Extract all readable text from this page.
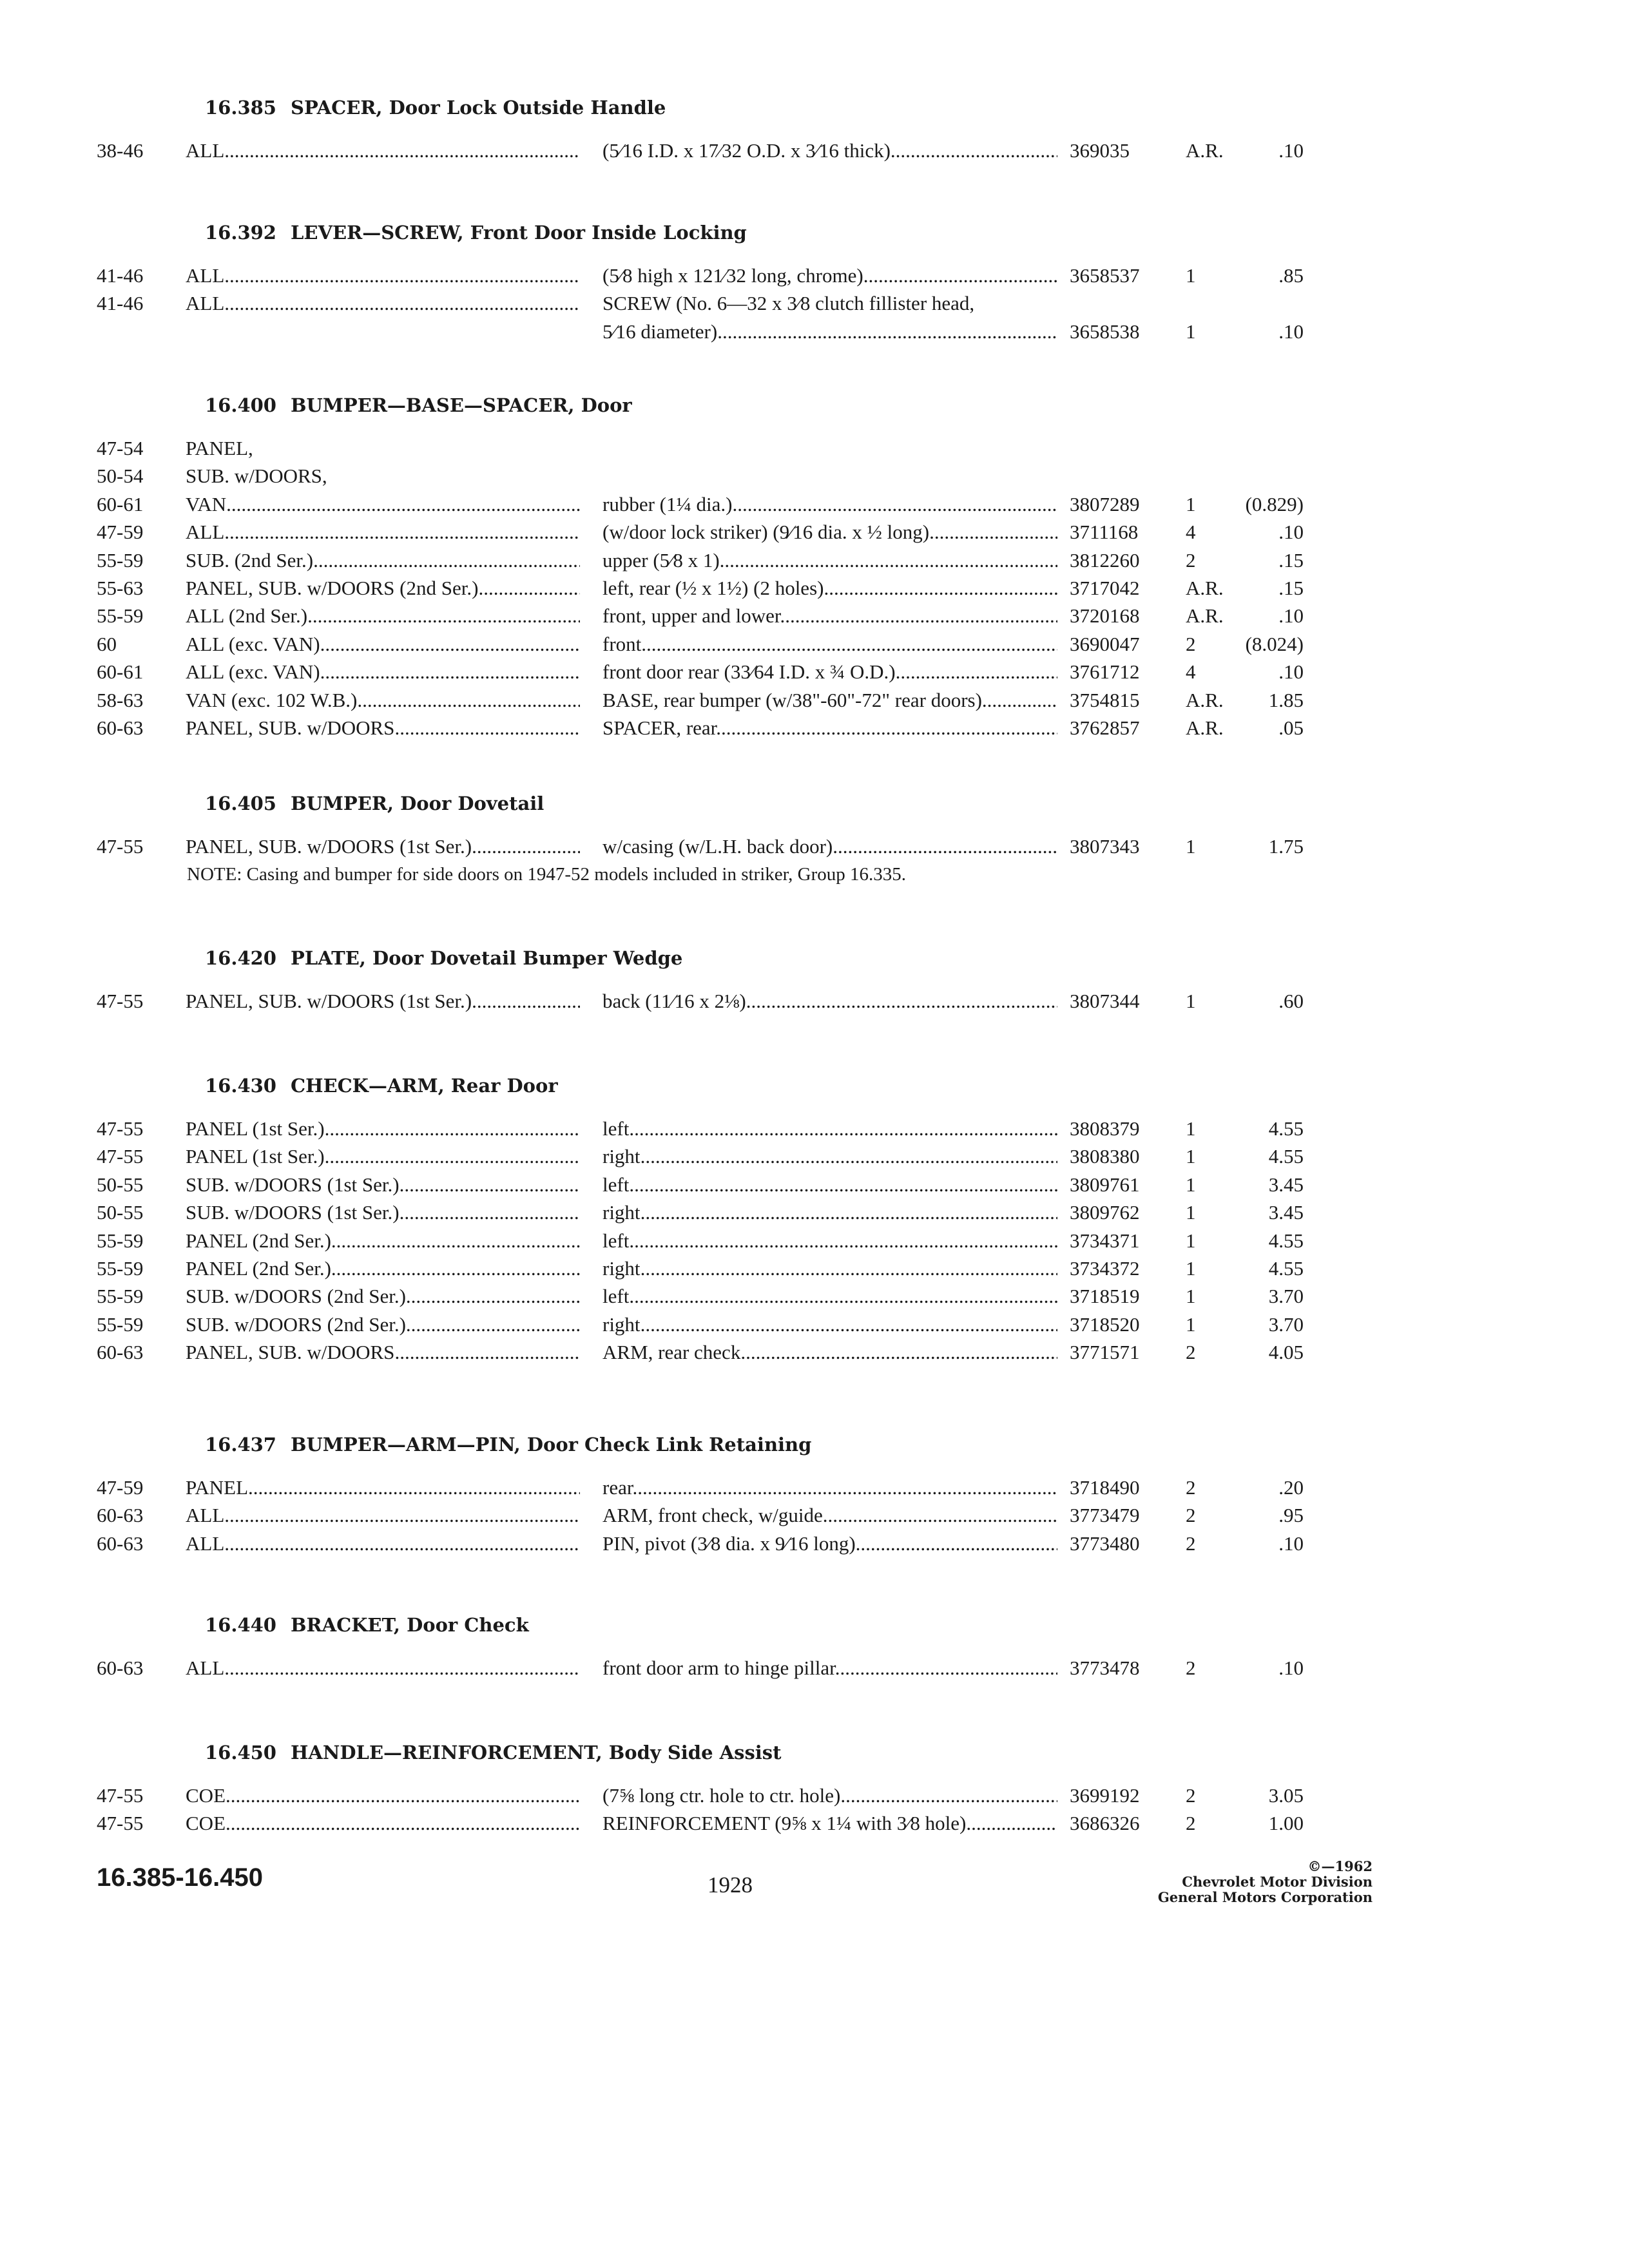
16.385 SPACER, Door Lock Outside Handle
38-46	ALL .....	(5⁄16 I.D. x 17⁄32 O.D. x 3⁄16 thick) .....	369035	A.R.	.10
16.392 LEVER—SCREW, Front Door Inside Locking
41-46	ALL .....	(5⁄8 high x 121⁄32 long, chrome) .....	3658537	1	.85
41-46	ALL .....	SCREW (No. 6—32 x 3⁄8 clutch fillister head,
5⁄16 diameter) .....	3658538	1	.10
16.400 BUMPER—BASE—SPACER, Door
47-54	PANEL,
50-54	SUB. w/DOORS,
60-61	VAN .....	rubber (1¼ dia.) .....	3807289	1	(0.829)
47-59	ALL .....	(w/door lock striker) (9⁄16 dia. x ½ long) .....	3711168	4	.10
55-59	SUB. (2nd Ser.) .....	upper (5⁄8 x 1) .....	3812260	2	.15
55-63	PANEL, SUB. w/DOORS (2nd Ser.) .....	left, rear (½ x 1½) (2 holes) .....	3717042	A.R.	.15
55-59	ALL (2nd Ser.) .....	front, upper and lower .....	3720168	A.R.	.10
60	ALL (exc. VAN) .....	front .....	3690047	2	(8.024)
60-61	ALL (exc. VAN) .....	front door rear (33⁄64 I.D. x ¾ O.D.) .....	3761712	4	.10
58-63	VAN (exc. 102 W.B.) .....	BASE, rear bumper (w/38"-60"-72" rear doors) .....	3754815	A.R.	1.85
60-63	PANEL, SUB. w/DOORS .....	SPACER, rear .....	3762857	A.R.	.05
16.405 BUMPER, Door Dovetail
47-55	PANEL, SUB. w/DOORS (1st Ser.) .....	w/casing (w/L.H. back door) .....	3807343	1	1.75
NOTE: Casing and bumper for side doors on 1947-52 models included in striker, Group 16.335.
16.420 PLATE, Door Dovetail Bumper Wedge
47-55	PANEL, SUB. w/DOORS (1st Ser.) .....	back (11⁄16 x 2⅛) .....	3807344	1	.60
16.430 CHECK—ARM, Rear Door
47-55	PANEL (1st Ser.) .....	left .....	3808379	1	4.55
47-55	PANEL (1st Ser.) .....	right .....	3808380	1	4.55
50-55	SUB. w/DOORS (1st Ser.) .....	left .....	3809761	1	3.45
50-55	SUB. w/DOORS (1st Ser.) .....	right .....	3809762	1	3.45
55-59	PANEL (2nd Ser.) .....	left .....	3734371	1	4.55
55-59	PANEL (2nd Ser.) .....	right .....	3734372	1	4.55
55-59	SUB. w/DOORS (2nd Ser.) .....	left .....	3718519	1	3.70
55-59	SUB. w/DOORS (2nd Ser.) .....	right .....	3718520	1	3.70
60-63	PANEL, SUB. w/DOORS .....	ARM, rear check .....	3771571	2	4.05
16.437 BUMPER—ARM—PIN, Door Check Link Retaining
47-59	PANEL .....	rear .....	3718490	2	.20
60-63	ALL .....	ARM, front check, w/guide .....	3773479	2	.95
60-63	ALL .....	PIN, pivot (3⁄8 dia. x 9⁄16 long) .....	3773480	2	.10
16.440 BRACKET, Door Check
60-63	ALL .....	front door arm to hinge pillar .....	3773478	2	.10
16.450 HANDLE—REINFORCEMENT, Body Side Assist
47-55	COE .....	(7⅝ long ctr. hole to ctr. hole) .....	3699192	2	3.05
47-55	COE .....	REINFORCEMENT (9⅝ x 1¼ with 3⁄8 hole) .....	3686326	2	1.00
16.385-16.450	1928
©—1962
Chevrolet Motor Division
General Motors Corporation
